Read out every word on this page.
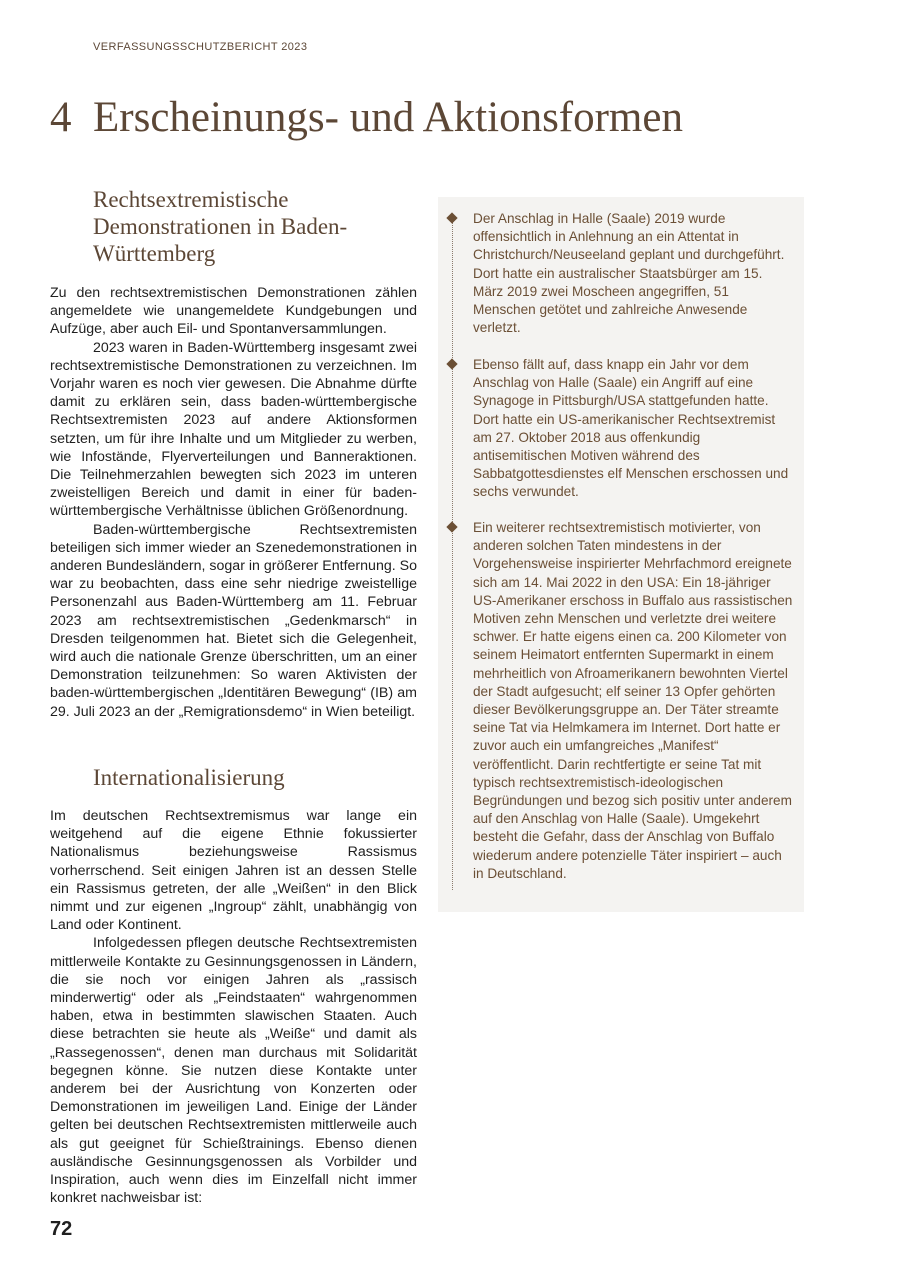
VERFASSUNGSSCHUTZBERICHT 2023
4 Erscheinungs- und Aktionsformen
Rechtsextremistische Demonstrationen in Baden-Württemberg

Zu den rechtsextremistischen Demonstrationen zählen angemeldete wie unangemeldete Kundgebungen und Aufzüge, aber auch Eil- und Spontanversammlungen.

2023 waren in Baden-Württemberg insgesamt zwei rechtsextremistische Demonstrationen zu verzeichnen. Im Vorjahr waren es noch vier gewesen. Die Abnahme dürfte damit zu erklären sein, dass baden-württembergische Rechtsextremisten 2023 auf andere Aktionsformen setzten, um für ihre Inhalte und um Mitglieder zu werben, wie Infostände, Flyerverteilungen und Banneraktionen. Die Teilnehmerzahlen bewegten sich 2023 im unteren zweistelligen Bereich und damit in einer für baden-württembergische Verhältnisse üblichen Größenordnung.

Baden-württembergische Rechtsextremisten beteiligen sich immer wieder an Szenedemonstrationen in anderen Bundesländern, sogar in größerer Entfernung. So war zu beobachten, dass eine sehr niedrige zweistellige Personenzahl aus Baden-Württemberg am 11. Februar 2023 am rechtsextremistischen „Gedenkmarsch“ in Dresden teilgenommen hat. Bietet sich die Gelegenheit, wird auch die nationale Grenze überschritten, um an einer Demonstration teilzunehmen: So waren Aktivisten der baden-württembergischen „Identitären Bewegung“ (IB) am 29. Juli 2023 an der „Remigrationsdemo“ in Wien beteiligt.

Internationalisierung

Im deutschen Rechtsextremismus war lange ein weitgehend auf die eigene Ethnie fokussierter Nationalismus beziehungsweise Rassismus vorherrschend. Seit einigen Jahren ist an dessen Stelle ein Rassismus getreten, der alle „Weißen“ in den Blick nimmt und zur eigenen „Ingroup“ zählt, unabhängig von Land oder Kontinent.

Infolgedessen pflegen deutsche Rechtsextremisten mittlerweile Kontakte zu Gesinnungsgenossen in Ländern, die sie noch vor einigen Jahren als „rassisch minderwertig“ oder als „Feindstaaten“ wahrgenommen haben, etwa in bestimmten slawischen Staaten. Auch diese betrachten sie heute als „Weiße“ und damit als „Rassegenossen“, denen man durchaus mit Solidarität begegnen könne. Sie nutzen diese Kontakte unter anderem bei der Ausrichtung von Konzerten oder Demonstrationen im jeweiligen Land. Einige der Länder gelten bei deutschen Rechtsextremisten mittlerweile auch als gut geeignet für Schießtrainings. Ebenso dienen ausländische Gesinnungsgenossen als Vorbilder und Inspiration, auch wenn dies im Einzelfall nicht immer konkret nachweisbar ist:

Der Anschlag in Halle (Saale) 2019 wurde offensichtlich in Anlehnung an ein Attentat in Christchurch/Neuseeland geplant und durchgeführt. Dort hatte ein australischer Staatsbürger am 15. März 2019 zwei Moscheen angegriffen, 51 Menschen getötet und zahlreiche Anwesende verletzt.

Ebenso fällt auf, dass knapp ein Jahr vor dem Anschlag von Halle (Saale) ein Angriff auf eine Synagoge in Pittsburgh/USA stattgefunden hatte. Dort hatte ein US-amerikanischer Rechtsextremist am 27. Oktober 2018 aus offenkundig antisemitischen Motiven während des Sabbatgottesdienstes elf Menschen erschossen und sechs verwundet.

Ein weiterer rechtsextremistisch motivierter, von anderen solchen Taten mindestens in der Vorgehensweise inspirierter Mehrfachmord ereignete sich am 14. Mai 2022 in den USA: Ein 18-jähriger US-Amerikaner erschoss in Buffalo aus rassistischen Motiven zehn Menschen und verletzte drei weitere schwer. Er hatte eigens einen ca. 200 Kilometer von seinem Heimatort entfernten Supermarkt in einem mehrheitlich von Afroamerikanern bewohnten Viertel der Stadt aufgesucht; elf seiner 13 Opfer gehörten dieser Bevölkerungsgruppe an. Der Täter streamte seine Tat via Helmkamera im Internet. Dort hatte er zuvor auch ein umfangreiches „Manifest“ veröffentlicht. Darin rechtfertigte er seine Tat mit typisch rechtsextremistisch-ideologischen Begründungen und bezog sich positiv unter anderem auf den Anschlag von Halle (Saale). Umgekehrt besteht die Gefahr, dass der Anschlag von Buffalo wiederum andere potenzielle Täter inspiriert – auch in Deutschland.

72
